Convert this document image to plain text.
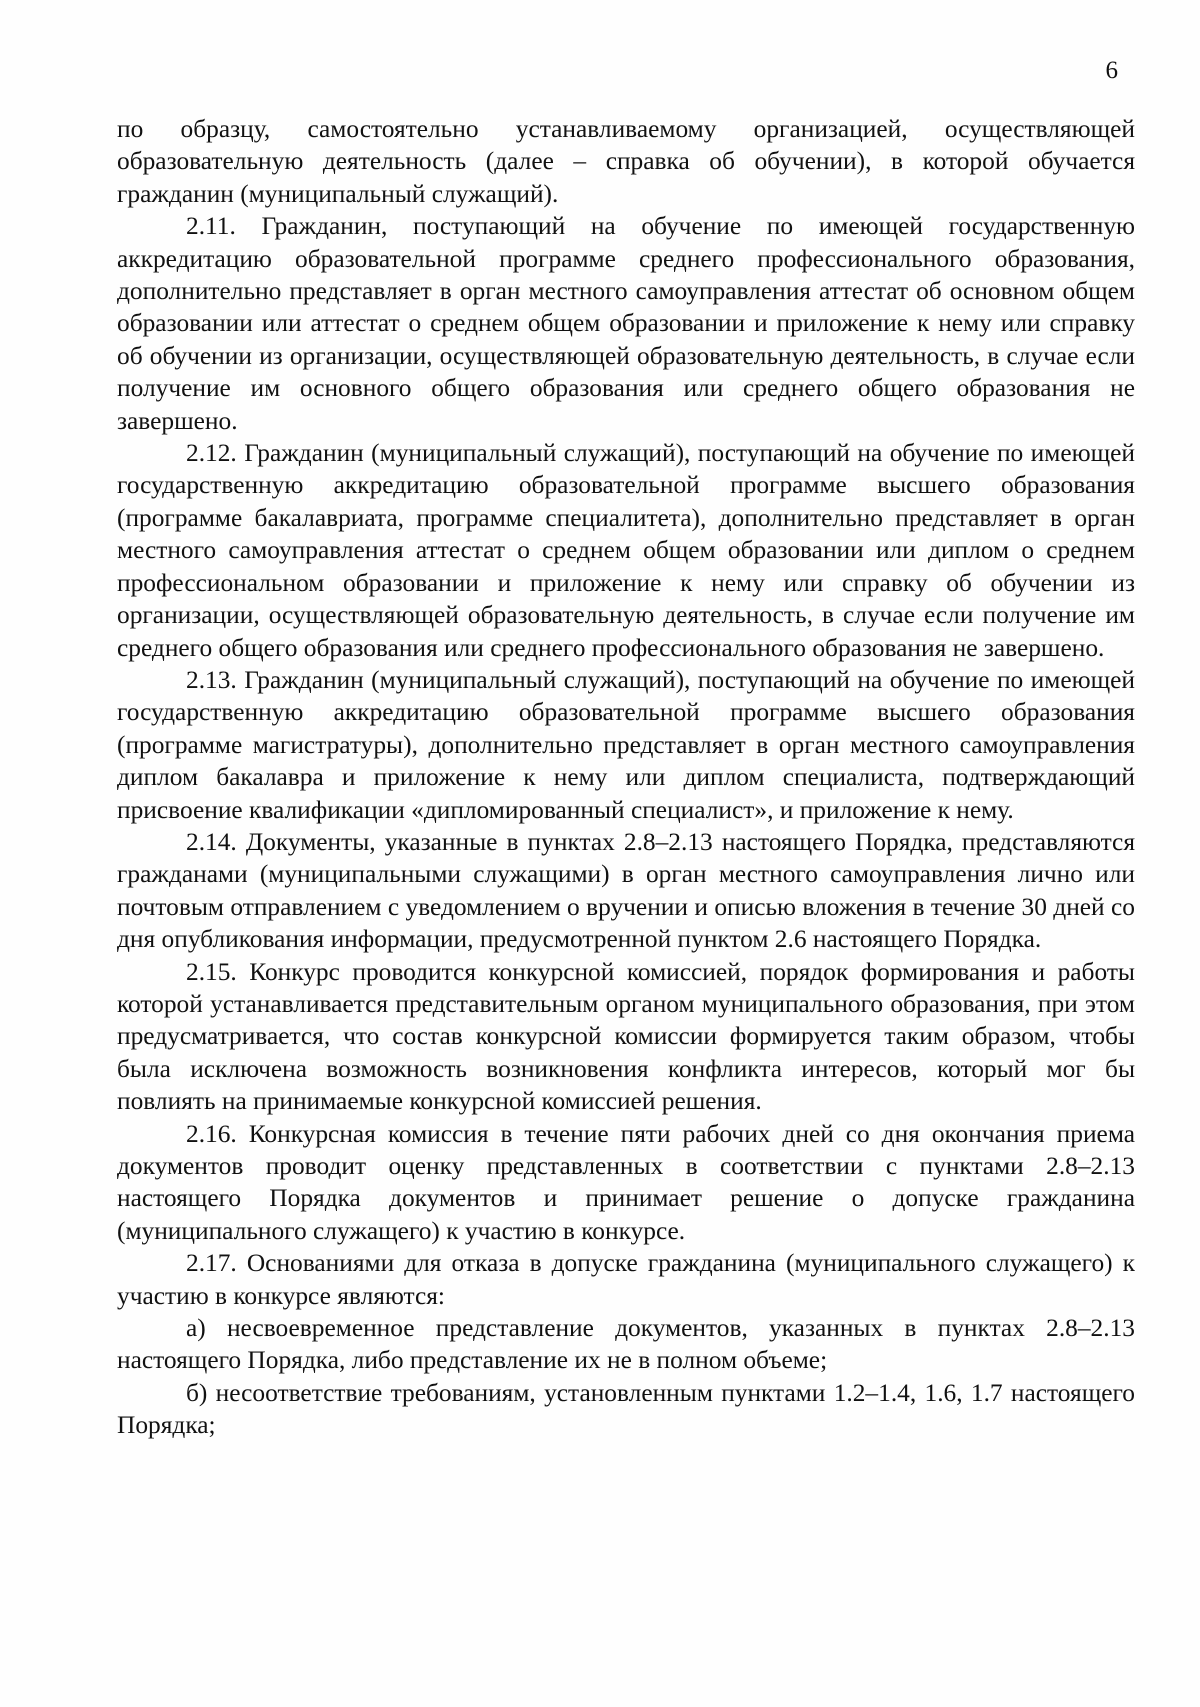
6

по образцу, самостоятельно устанавливаемому организацией, осуществляющей образовательную деятельность (далее – справка об обучении), в которой обучается гражданин (муниципальный служащий).

2.11. Гражданин, поступающий на обучение по имеющей государственную аккредитацию образовательной программе среднего профессионального образования, дополнительно представляет в орган местного самоуправления аттестат об основном общем образовании или аттестат о среднем общем образовании и приложение к нему или справку об обучении из организации, осуществляющей образовательную деятельность, в случае если получение им основного общего образования или среднего общего образования не завершено.

2.12. Гражданин (муниципальный служащий), поступающий на обучение по имеющей государственную аккредитацию образовательной программе высшего образования (программе бакалавриата, программе специалитета), дополнительно представляет в орган местного самоуправления аттестат о среднем общем образовании или диплом о среднем профессиональном образовании и приложение к нему или справку об обучении из организации, осуществляющей образовательную деятельность, в случае если получение им среднего общего образования или среднего профессионального образования не завершено.

2.13. Гражданин (муниципальный служащий), поступающий на обучение по имеющей государственную аккредитацию образовательной программе высшего образования (программе магистратуры), дополнительно представляет в орган местного самоуправления диплом бакалавра и приложение к нему или диплом специалиста, подтверждающий присвоение квалификации «дипломированный специалист», и приложение к нему.

2.14. Документы, указанные в пунктах 2.8–2.13 настоящего Порядка, представляются гражданами (муниципальными служащими) в орган местного самоуправления лично или почтовым отправлением с уведомлением о вручении и описью вложения в течение 30 дней со дня опубликования информации, предусмотренной пунктом 2.6 настоящего Порядка.

2.15. Конкурс проводится конкурсной комиссией, порядок формирования и работы которой устанавливается представительным органом муниципального образования, при этом предусматривается, что состав конкурсной комиссии формируется таким образом, чтобы была исключена возможность возникновения конфликта интересов, который мог бы повлиять на принимаемые конкурсной комиссией решения.

2.16. Конкурсная комиссия в течение пяти рабочих дней со дня окончания приема документов проводит оценку представленных в соответствии с пунктами 2.8–2.13 настоящего Порядка документов и принимает решение о допуске гражданина (муниципального служащего) к участию в конкурсе.

2.17. Основаниями для отказа в допуске гражданина (муниципального служащего) к участию в конкурсе являются:

а) несвоевременное представление документов, указанных в пунктах 2.8–2.13 настоящего Порядка, либо представление их не в полном объеме;

б) несоответствие требованиям, установленным пунктами 1.2–1.4, 1.6, 1.7 настоящего Порядка;
